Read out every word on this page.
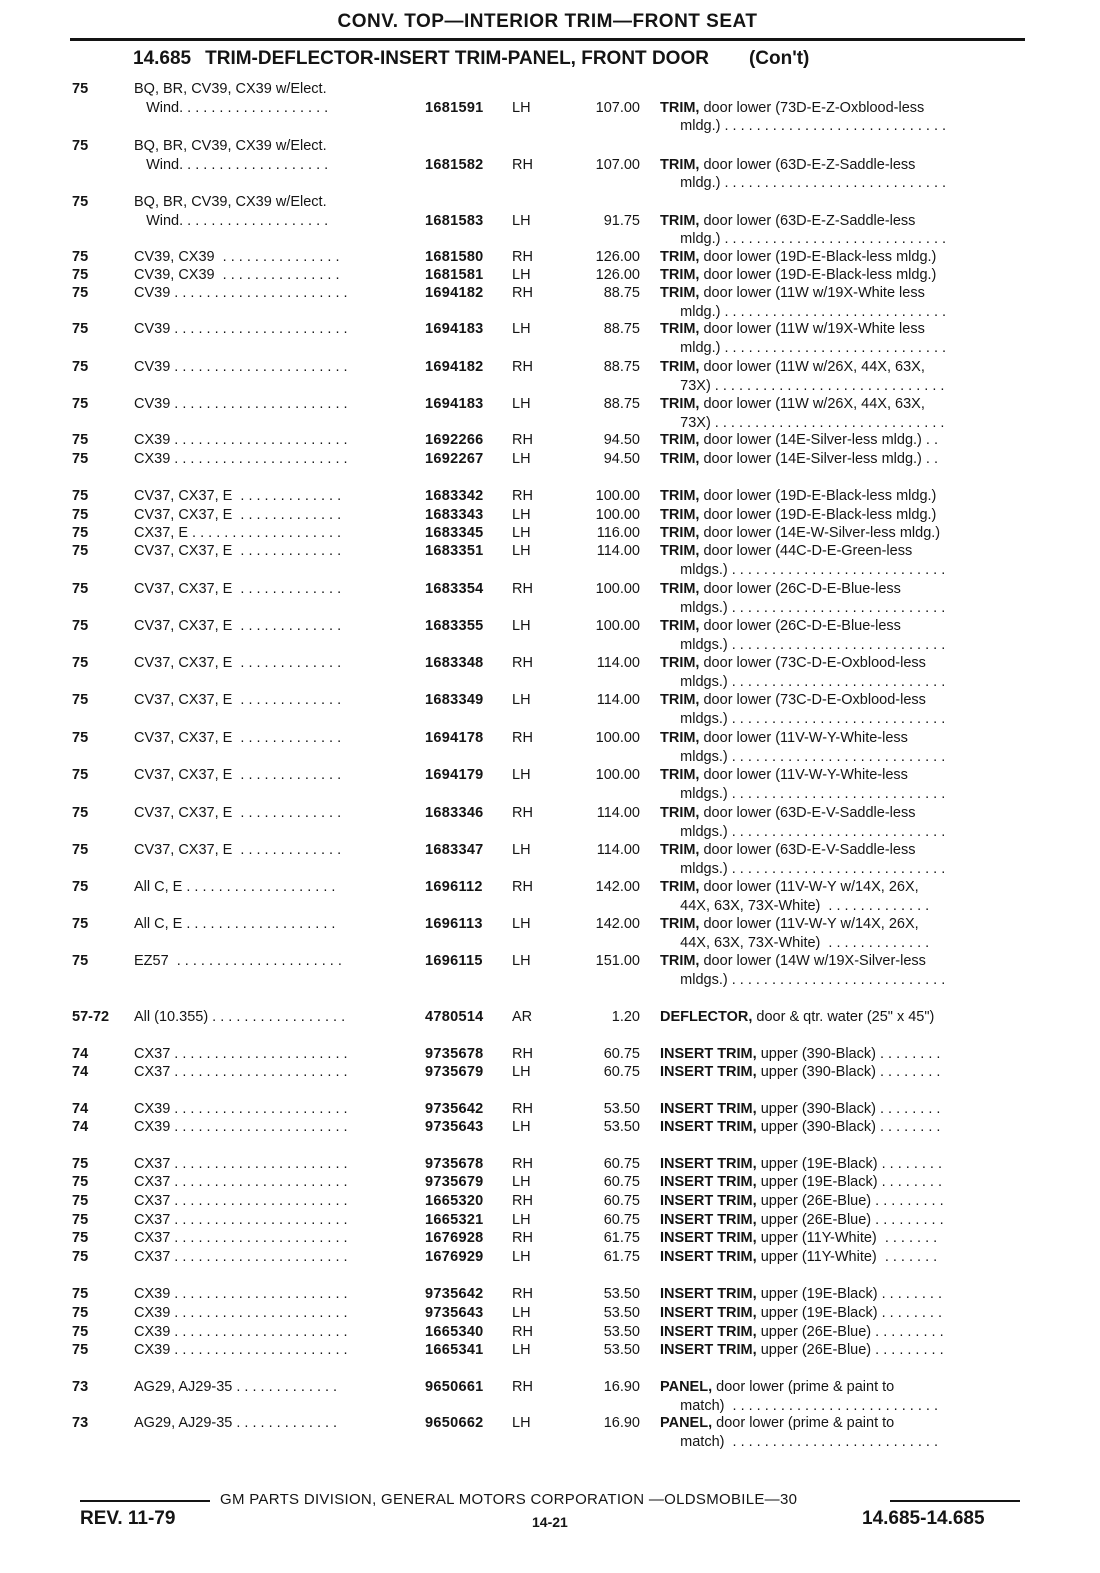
CONV. TOP—INTERIOR TRIM—FRONT SEAT
14.685 TRIM-DEFLECTOR-INSERT TRIM-PANEL, FRONT DOOR (Con't)
75	BQ, BR, CV39, CX39 w/Elect.
Wind. . . . . . . . . . . . . . . . . . .	1681591 LH	107.00 TRIM, door lower (73D-E-Z-Oxblood-less
mldg.) . . . . . . . . . . . . . . . . . . . . . . . . . . . .
75	BQ, BR, CV39, CX39 w/Elect.
Wind. . . . . . . . . . . . . . . . . . .	1681582 RH	107.00 TRIM, door lower (63D-E-Z-Saddle-less
mldg.) . . . . . . . . . . . . . . . . . . . . . . . . . . . .
75	BQ, BR, CV39, CX39 w/Elect.
Wind. . . . . . . . . . . . . . . . . . .	1681583 LH	91.75 TRIM, door lower (63D-E-Z-Saddle-less
mldg.) . . . . . . . . . . . . . . . . . . . . . . . . . . . .
75	CV39, CX39  . . . . . . . . . . . . . . .	1681580 RH	126.00 TRIM, door lower (19D-E-Black-less mldg.)
75	CV39, CX39  . . . . . . . . . . . . . . .	1681581 LH	126.00 TRIM, door lower (19D-E-Black-less mldg.)
75	CV39 . . . . . . . . . . . . . . . . . . . . . .	1694182 RH	88.75 TRIM, door lower (11W w/19X-White less
mldg.) . . . . . . . . . . . . . . . . . . . . . . . . . . . .
75	CV39 . . . . . . . . . . . . . . . . . . . . . .	1694183 LH	88.75 TRIM, door lower (11W w/19X-White less
mldg.) . . . . . . . . . . . . . . . . . . . . . . . . . . . .
75	CV39 . . . . . . . . . . . . . . . . . . . . . .	1694182 RH	88.75 TRIM, door lower (11W w/26X, 44X, 63X,
73X) . . . . . . . . . . . . . . . . . . . . . . . . . . . . .
75	CV39 . . . . . . . . . . . . . . . . . . . . . .	1694183 LH	88.75 TRIM, door lower (11W w/26X, 44X, 63X,
73X) . . . . . . . . . . . . . . . . . . . . . . . . . . . . .
75	CX39 . . . . . . . . . . . . . . . . . . . . . .	1692266 RH	94.50 TRIM, door lower (14E-Silver-less mldg.) . .
75	CX39 . . . . . . . . . . . . . . . . . . . . . .	1692267 LH	94.50 TRIM, door lower (14E-Silver-less mldg.) . .
75	CV37, CX37, E  . . . . . . . . . . . . .	1683342 RH	100.00 TRIM, door lower (19D-E-Black-less mldg.)
75	CV37, CX37, E  . . . . . . . . . . . . .	1683343 LH	100.00 TRIM, door lower (19D-E-Black-less mldg.)
75	CX37, E . . . . . . . . . . . . . . . . . . .	1683345 LH	116.00 TRIM, door lower (14E-W-Silver-less mldg.)
75	CV37, CX37, E  . . . . . . . . . . . . .	1683351 LH	114.00 TRIM, door lower (44C-D-E-Green-less
mldgs.) . . . . . . . . . . . . . . . . . . . . . . . . . . .
75	CV37, CX37, E  . . . . . . . . . . . . .	1683354 RH	100.00 TRIM, door lower (26C-D-E-Blue-less
mldgs.) . . . . . . . . . . . . . . . . . . . . . . . . . . .
75	CV37, CX37, E  . . . . . . . . . . . . .	1683355 LH	100.00 TRIM, door lower (26C-D-E-Blue-less
mldgs.) . . . . . . . . . . . . . . . . . . . . . . . . . . .
75	CV37, CX37, E  . . . . . . . . . . . . .	1683348 RH	114.00 TRIM, door lower (73C-D-E-Oxblood-less
mldgs.) . . . . . . . . . . . . . . . . . . . . . . . . . . .
75	CV37, CX37, E  . . . . . . . . . . . . .	1683349 LH	114.00 TRIM, door lower (73C-D-E-Oxblood-less
mldgs.) . . . . . . . . . . . . . . . . . . . . . . . . . . .
75	CV37, CX37, E  . . . . . . . . . . . . .	1694178 RH	100.00 TRIM, door lower (11V-W-Y-White-less
mldgs.) . . . . . . . . . . . . . . . . . . . . . . . . . . .
75	CV37, CX37, E  . . . . . . . . . . . . .	1694179 LH	100.00 TRIM, door lower (11V-W-Y-White-less
mldgs.) . . . . . . . . . . . . . . . . . . . . . . . . . . .
75	CV37, CX37, E  . . . . . . . . . . . . .	1683346 RH	114.00 TRIM, door lower (63D-E-V-Saddle-less
mldgs.) . . . . . . . . . . . . . . . . . . . . . . . . . . .
75	CV37, CX37, E  . . . . . . . . . . . . .	1683347 LH	114.00 TRIM, door lower (63D-E-V-Saddle-less
mldgs.) . . . . . . . . . . . . . . . . . . . . . . . . . . .
75	All C, E . . . . . . . . . . . . . . . . . . .	1696112 RH	142.00 TRIM, door lower (11V-W-Y w/14X, 26X,
44X, 63X, 73X-White)  . . . . . . . . . . . . .
75	All C, E . . . . . . . . . . . . . . . . . . .	1696113 LH	142.00 TRIM, door lower (11V-W-Y w/14X, 26X,
44X, 63X, 73X-White)  . . . . . . . . . . . . .
75	EZ57  . . . . . . . . . . . . . . . . . . . . .	1696115 LH	151.00 TRIM, door lower (14W w/19X-Silver-less
mldgs.) . . . . . . . . . . . . . . . . . . . . . . . . . . .
57-72	All (10.355) . . . . . . . . . . . . . . . . .	4780514 AR	1.20 DEFLECTOR, door & qtr. water (25" x 45")
74	CX37 . . . . . . . . . . . . . . . . . . . . . .	9735678 RH	60.75 INSERT TRIM, upper (390-Black) . . . . . . . .
74	CX37 . . . . . . . . . . . . . . . . . . . . . .	9735679 LH	60.75 INSERT TRIM, upper (390-Black) . . . . . . . .
74	CX39 . . . . . . . . . . . . . . . . . . . . . .	9735642 RH	53.50 INSERT TRIM, upper (390-Black) . . . . . . . .
74	CX39 . . . . . . . . . . . . . . . . . . . . . .	9735643 LH	53.50 INSERT TRIM, upper (390-Black) . . . . . . . .
75	CX37 . . . . . . . . . . . . . . . . . . . . . .	9735678 RH	60.75 INSERT TRIM, upper (19E-Black) . . . . . . . .
75	CX37 . . . . . . . . . . . . . . . . . . . . . .	9735679 LH	60.75 INSERT TRIM, upper (19E-Black) . . . . . . . .
75	CX37 . . . . . . . . . . . . . . . . . . . . . .	1665320 RH	60.75 INSERT TRIM, upper (26E-Blue) . . . . . . . . .
75	CX37 . . . . . . . . . . . . . . . . . . . . . .	1665321 LH	60.75 INSERT TRIM, upper (26E-Blue) . . . . . . . . .
75	CX37 . . . . . . . . . . . . . . . . . . . . . .	1676928 RH	61.75 INSERT TRIM, upper (11Y-White)  . . . . . . .
75	CX37 . . . . . . . . . . . . . . . . . . . . . .	1676929 LH	61.75 INSERT TRIM, upper (11Y-White)  . . . . . . .
75	CX39 . . . . . . . . . . . . . . . . . . . . . .	9735642 RH	53.50 INSERT TRIM, upper (19E-Black) . . . . . . . .
75	CX39 . . . . . . . . . . . . . . . . . . . . . .	9735643 LH	53.50 INSERT TRIM, upper (19E-Black) . . . . . . . .
75	CX39 . . . . . . . . . . . . . . . . . . . . . .	1665340 RH	53.50 INSERT TRIM, upper (26E-Blue) . . . . . . . . .
75	CX39 . . . . . . . . . . . . . . . . . . . . . .	1665341 LH	53.50 INSERT TRIM, upper (26E-Blue) . . . . . . . . .
73	AG29, AJ29-35 . . . . . . . . . . . . .	9650661 RH	16.90 PANEL, door lower (prime & paint to
match)  . . . . . . . . . . . . . . . . . . . . . . . . . .
73	AG29, AJ29-35 . . . . . . . . . . . . .	9650662 LH	16.90 PANEL, door lower (prime & paint to
match)  . . . . . . . . . . . . . . . . . . . . . . . . . .
GM PARTS DIVISION, GENERAL MOTORS CORPORATION —OLDSMOBILE—30
REV. 11-79	14-21	14.685-14.685
